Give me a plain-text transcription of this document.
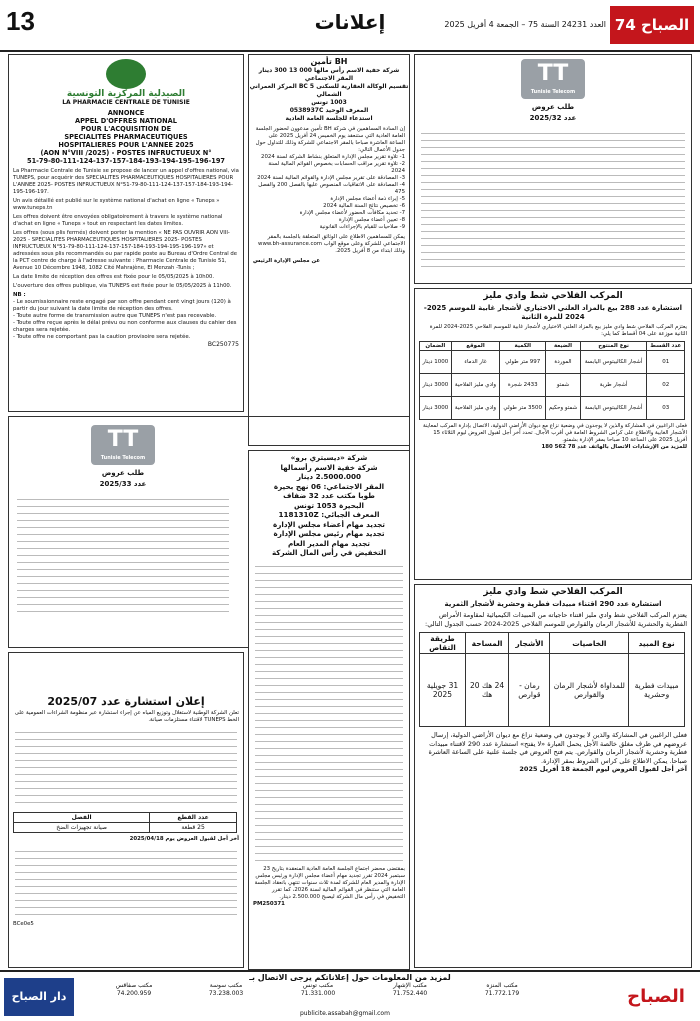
13	إعلانات	العدد 24231 السنة 75 – الجمعة 4 أفريل 2025 الصباح 74
الصيدلية المركزية التونسية
LA PHARMACIE CENTRALE DE TUNISIE
ANNONCE
APPEL D'OFFRES NATIONAL
POUR L'ACQUISITION DE
SPECIALITES PHARMACEUTIQUES
HOSPITALIERES POUR L'ANNEE 2025
(AON N°VIII /2025) - POSTES INFRUCTUEUX N°
51-79-80-111-124-137-157-184-193-194-195-196-197

La Pharmacie Centrale de Tunisie se propose de lancer un appel d'offres national, via TUNEPS, pour acquérir des SPECIALITES PHARMACEUTIQUES HOSPITALIERES POUR L'ANNEE 2025- POSTES INFRUCTUEUX N°51-79-80-111-124-137-157-184-193-194-195-196-197.

Un avis détaillé est publié sur le système national d'achat en ligne « Tuneps » www.tuneps.tn

Les offres doivent être envoyées obligatoirement à travers le système national d'achat en ligne « Tuneps » tout en respectant les dates limites.

Les offres (sous plis fermés) doivent porter la mention « NE PAS OUVRIR AON VIII-2025 - SPECIALITES PHARMACEUTIQUES HOSPITALIERES 2025- POSTES INFRUCTUEUX N°51-79-80-111-124-137-157-184-193-194-195-196-197» et adressées sous plis recommandés ou par rapide poste au Bureau d'Ordre Central de la PCT centre de charge à l'adresse suivante : Pharmacie Centrale de Tunisie 51, Avenue 10 Décembre 1948, 1082 Cité Mahrajène, El Menzah -Tunis ;

La date limite de réception des offres est fixée pour le 05/05/2025 à 10h00.

L'ouverture des offres publique, via TUNEPS est fixée pour le 05/05/2025 à 11h00.

NB :

- Le soumissionnaire reste engagé par son offre pendant cent vingt jours (120) à partir du jour suivant la date limite de réception des offres.

- Toute autre forme de transmission autre que TUNEPS n'est pas recevable.

- Toute offre reçue après le délai prévu ou non conforme aux clauses du cahier des charges sera rejetée.

- Toute offre ne comportant pas la caution provisoire sera rejetée.

BC250775
BH تأمين
شركة خفية الاسم رأس مالها 000 13 300 دينار
المقر الاجتماعي
تقسيم الوكالة العقارية للسكنى BC 5 المركز العمراني الشمالي
1003 تونس
المعرف الوحيد 0538937C
استدعاء للجلسة العامة العادية

إن السادة المساهمين في شركة BH تأمين مدعوون لحضور الجلسة العامة العادية التي ستنعقد يوم الخميس 24 أفريل 2025 على الساعة العاشرة صباحا بالمقر الاجتماعي للشركة وذلك للتداول حول جدول الأعمال التالي:

1- تلاوة تقرير مجلس الإدارة المتعلق بنشاط الشركة لسنة 2024

2- تلاوة تقرير مراقب الحسابات بخصوص القوائم المالية لسنة 2024

3- المصادقة على تقرير مجلس الإدارة والقوائم المالية لسنة 2024

4- المصادقة على الاتفاقيات المنصوص عليها بالفصل 200 والفصل 475

5- إبراء ذمة أعضاء مجلس الإدارة

6- تخصيص نتائج السنة المالية 2024

7- تحديد مكافآت الحضور لأعضاء مجلس الإدارة

8- تعيين أعضاء مجلس الإدارة

9- صلاحيات للقيام بالإجراءات القانونية

يمكن للمساهمين الاطلاع على الوثائق المتعلقة بالجلسة بالمقر الاجتماعي للشركة وعلى موقع الواب www.bh-assurance.com وذلك ابتداء من 8 أفريل 2025.

عن مجلس الإدارة الرئيس

TT
Tunisie Telecom
طلب عروض
عدد 2025/32
المركب الفلاحي شط وادي مليز
استشارة عدد 288 بيع بالمزاد العلني الاختياري لأشجار غابية للموسم 2025-2024 للمرة الثانية

يعتزم المركب الفلاحي شط وادي مليز بيع بالمزاد العلني الاختياري لأشجار غابية للموسم الفلاحي 2025-2024 للمرة الثانية موزعة على 04 أقساط كما يلي:

عدد القسط	نوع المنتوج	الضيعة	الكمية	الموقع	الضمان
01	أشجار الكاليبتوس اليابسة	الموردة	997 متر طولي	غار الدماء	1000 دينار
02	أشجار طرية	شمتو	2433 شجرة	وادي مليز الفلاحية	3000 دينار
03	أشجار الكاليبتوس اليابسة	شمتو وحكيم	3500 متر طولي	وادي مليز الفلاحية	3000 دينار

فعلى الراغبين في المشاركة والذين لا يوجدون في وضعية نزاع مع ديوان الأراضي الدولية، الاتصال بإدارة المركب لمعاينة الأشجار الغابية والاطلاع على كراس الشروط العامة في أقرب الآجال. تحدد آخر أجل لقبول العروض ليوم الثلاثاء 15 أفريل 2025 على الساعة 10 صباحا بمقر الإدارة بشمتو.

للمزيد من الإرشادات الاتصال بالهاتف عدد 78 562 180

TT
Tunisie Telecom
طلب عروض
عدد 2025/33
شركة «ديسبتري برو»
شركة خفية الاسم رأسمالها
2.5000.000 دينار
المقر الاجتماعي: 06 نهج بحيرة
طوبا مكتب عدد 32 ضفاف
البحيرة 1053 تونس
المعرف الجبائي: 1181310Z
تجديد مهام أعضاء مجلس الإدارة
تجديد مهام رئيس مجلس الإدارة
تجديد مهام المدير العام
التخفيض في رأس المال الشركة

بمقتضى محضر اجتماع الجلسة العامة العادية المنعقدة بتاريخ 23 سبتمبر 2024 تقرر تجديد مهام أعضاء مجلس الإدارة ورئيس مجلس الإدارة والمدير العام للشركة لمدة ثلاث سنوات تنتهي بانعقاد الجلسة العامة التي ستنظر في القوائم المالية لسنة 2026، كما تقرر التخفيض في رأس مال الشركة ليصبح 2.500.000 دينار.

PM250371

إعلان استشارة عدد 2025/07

تعلن الشركة الوطنية لاستغلال وتوزيع المياه عن إجراء استشارة عبر منظومة الشراءات العمومية على الخط TUNEPS لاقتناء مستلزمات صيانة.

عدد القطع	الفصل
25 قطعة	صيانة تجهيزات الضخ

آخر أجل لقبول العروض يوم 2025/04/18

BCe0e5

المركب الفلاحي شط وادي مليز
استشارة عدد 290 اقتناء مبيدات فطرية وحشرية لأشجار الثمرية

يعتزم المركب الفلاحي شط وادي مليز اقتناء حاجياته من المبيدات الكيميائية لمقاومة الأمراض الفطرية والحشرية للأشجار الرمان والقوارص للموسم الفلاحي 2025-2024 حسب الجدول التالي:

نوع المبيد	الخاصيات	الأشجار	المساحة	طريقة التقاص
مبيدات فطرية وحشرية	للمداواة لأشجار الرمان والقوارص	رمان - قوارص	24 هك 20 هك	31 جويلية 2025

فعلى الراغبين في المشاركة والذين لا يوجدون في وضعية نزاع مع ديوان الأراضي الدولية، إرسال عروضهم في ظرف مغلق خالصة الأجل يحمل العبارة «لا يفتح» استشارة عدد 290 لاقتناء مبيدات فطرية وحشرية لأشجار الرمان والقوارص. يتم فتح العروض في جلسة علنية على الساعة العاشرة صباحا. يمكن الاطلاع على كراس الشروط بمقر الإدارة.

آخر أجل لقبول العروض ليوم الجمعة 18 أفريل 2025

لمزيد من المعلومات حول إعلاناتكم يرجى الاتصال بـ
مكتب صفاقس
74.200.959
مكتب سوسة
73.238.003
مكتب تونس
71.331.000
مكتب الإشهار
71.752.440
مكتب المنزه
71.772.179
دار الصباح	الصباح
publicite.assabah@gmail.com
